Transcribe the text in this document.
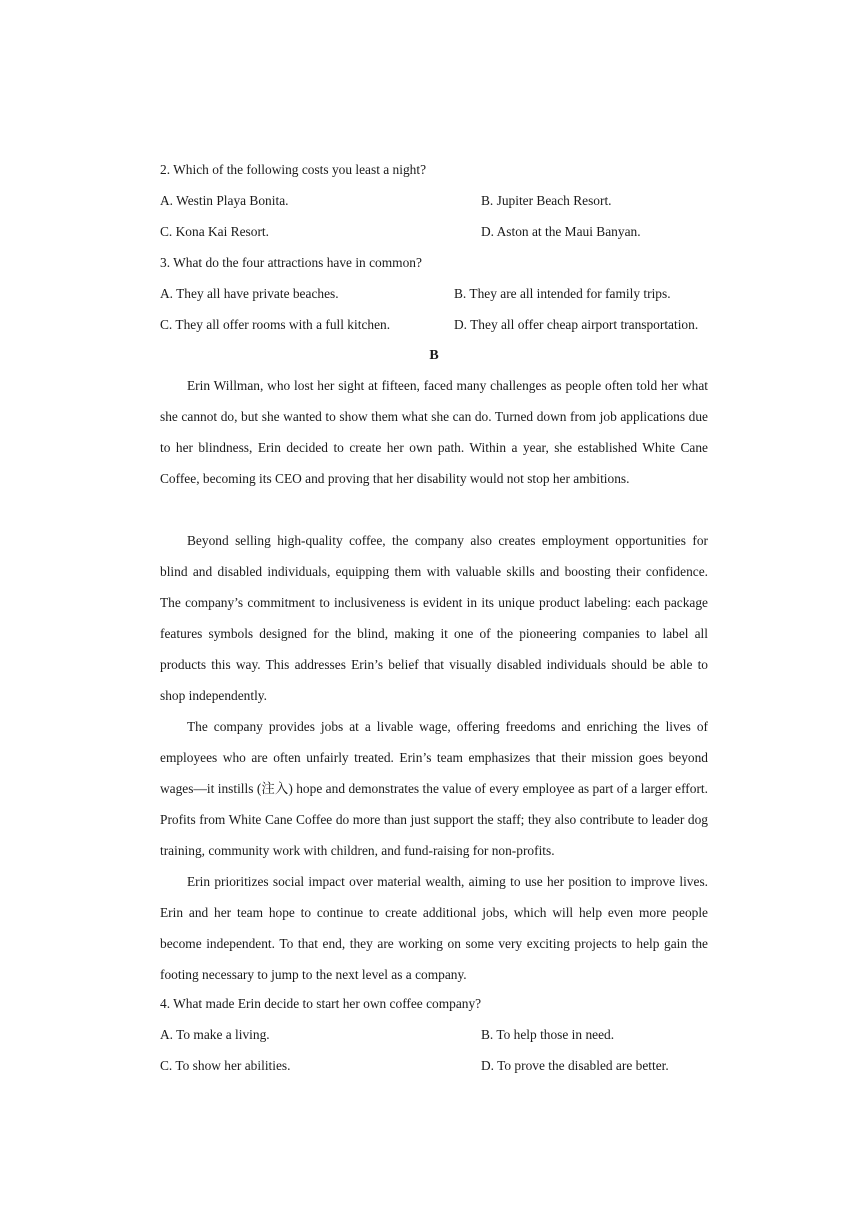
2. Which of the following costs you least a night?
A. Westin Playa Bonita.	B. Jupiter Beach Resort.
C. Kona Kai Resort.	D. Aston at the Maui Banyan.
3. What do the four attractions have in common?
A. They all have private beaches.	B. They are all intended for family trips.
C. They all offer rooms with a full kitchen.	D. They all offer cheap airport transportation.
B

Erin Willman, who lost her sight at fifteen, faced many challenges as people often told her what she cannot do, but she wanted to show them what she can do. Turned down from job applications due to her blindness, Erin decided to create her own path. Within a year, she established White Cane Coffee, becoming its CEO and proving that her disability would not stop her ambitions.

Beyond selling high-quality coffee, the company also creates employment opportunities for blind and disabled individuals, equipping them with valuable skills and boosting their confidence. The company’s commitment to inclusiveness is evident in its unique product labeling: each package features symbols designed for the blind, making it one of the pioneering companies to label all products this way. This addresses Erin’s belief that visually disabled individuals should be able to shop independently.

The company provides jobs at a livable wage, offering freedoms and enriching the lives of employees who are often unfairly treated. Erin’s team emphasizes that their mission goes beyond wages—it instills (注入) hope and demonstrates the value of every employee as part of a larger effort. Profits from White Cane Coffee do more than just support the staff; they also contribute to leader dog training, community work with children, and fund-raising for non-profits.

Erin prioritizes social impact over material wealth, aiming to use her position to improve lives. Erin and her team hope to continue to create additional jobs, which will help even more people become independent. To that end, they are working on some very exciting projects to help gain the footing necessary to jump to the next level as a company.

4. What made Erin decide to start her own coffee company?
A. To make a living.	B. To help those in need.
C. To show her abilities.	D. To prove the disabled are better.
